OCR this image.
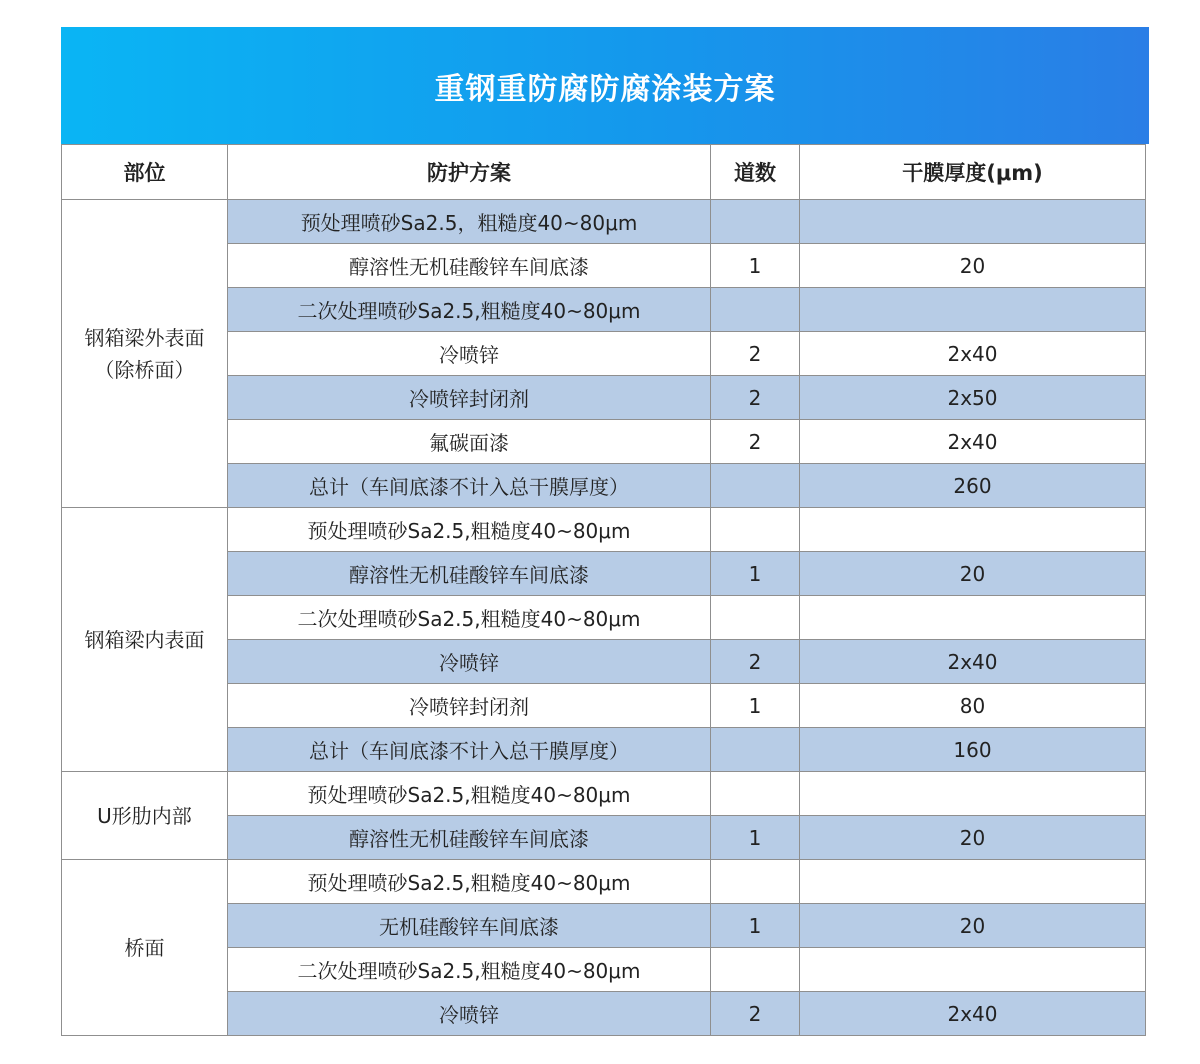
重钢重防腐防腐涂装方案
部位	防护方案	道数	干膜厚度(μm)

钢箱梁外表面
（除桥面）	预处理喷砂Sa2.5，粗糙度40~80μm		
	醇溶性无机硅酸锌车间底漆	1	20
	二次处理喷砂Sa2.5,粗糙度40~80μm		
	冷喷锌	2	2x40
	冷喷锌封闭剂	2	2x50
	氟碳面漆	2	2x40
	总计（车间底漆不计入总干膜厚度）		260

钢箱梁内表面	预处理喷砂Sa2.5,粗糙度40~80μm		
	醇溶性无机硅酸锌车间底漆	1	20
	二次处理喷砂Sa2.5,粗糙度40~80μm		
	冷喷锌	2	2x40
	冷喷锌封闭剂	1	80
	总计（车间底漆不计入总干膜厚度）		160

U形肋内部	预处理喷砂Sa2.5,粗糙度40~80μm		
	醇溶性无机硅酸锌车间底漆	1	20

桥面	预处理喷砂Sa2.5,粗糙度40~80μm		
	无机硅酸锌车间底漆	1	20
	二次处理喷砂Sa2.5,粗糙度40~80μm		
	冷喷锌	2	2x40
